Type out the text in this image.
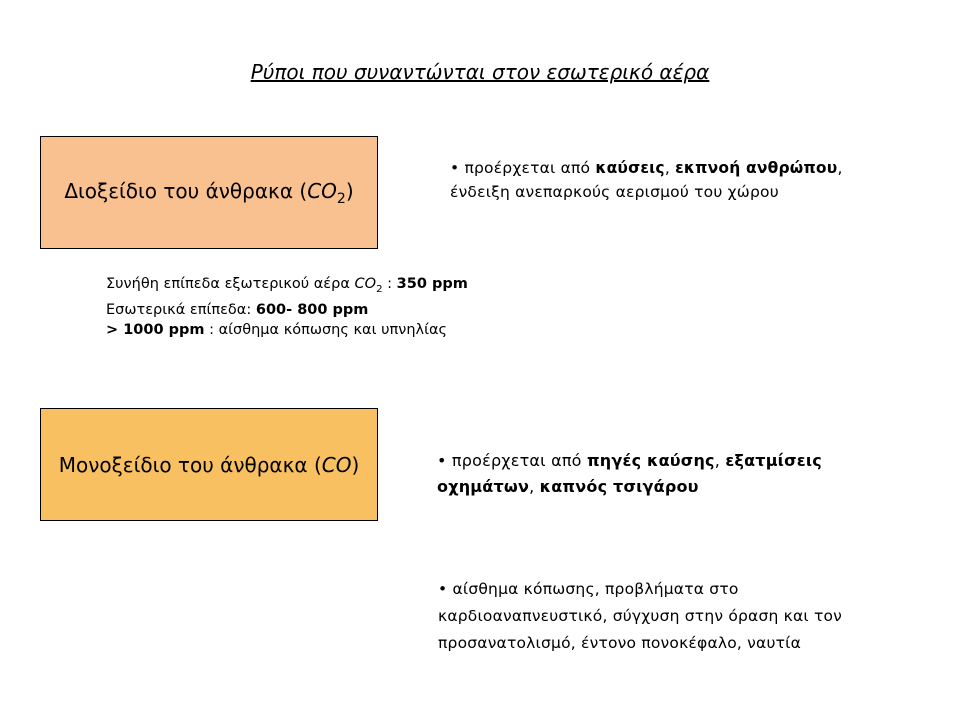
Ρύποι που συναντώνται στον εσωτερικό αέρα
Διοξείδιο του άνθρακα $(CO_2)$
• προέρχεται από καύσεις, εκπνοή ανθρώπου,
ένδειξη ανεπαρκούς αερισμού του χώρου
Συνήθη επίπεδα εξωτερικού αέρα $CO_2$ : 350 ppm
Εσωτερικά επίπεδα: 600- 800 ppm
> 1000 ppm : αίσθημα κόπωσης και υπνηλίας
Μονοξείδιο του άνθρακα (CO)	• προέρχεται από πηγές καύσης, εξατμίσεις
οχημάτων, καπνός τσιγάρου
• αίσθημα κόπωσης, προβλήματα στο
καρδιοαναπνευστικό, σύγχυση στην όραση και τον
προσανατολισμό, έντονο πονοκέφαλο, ναυτία
